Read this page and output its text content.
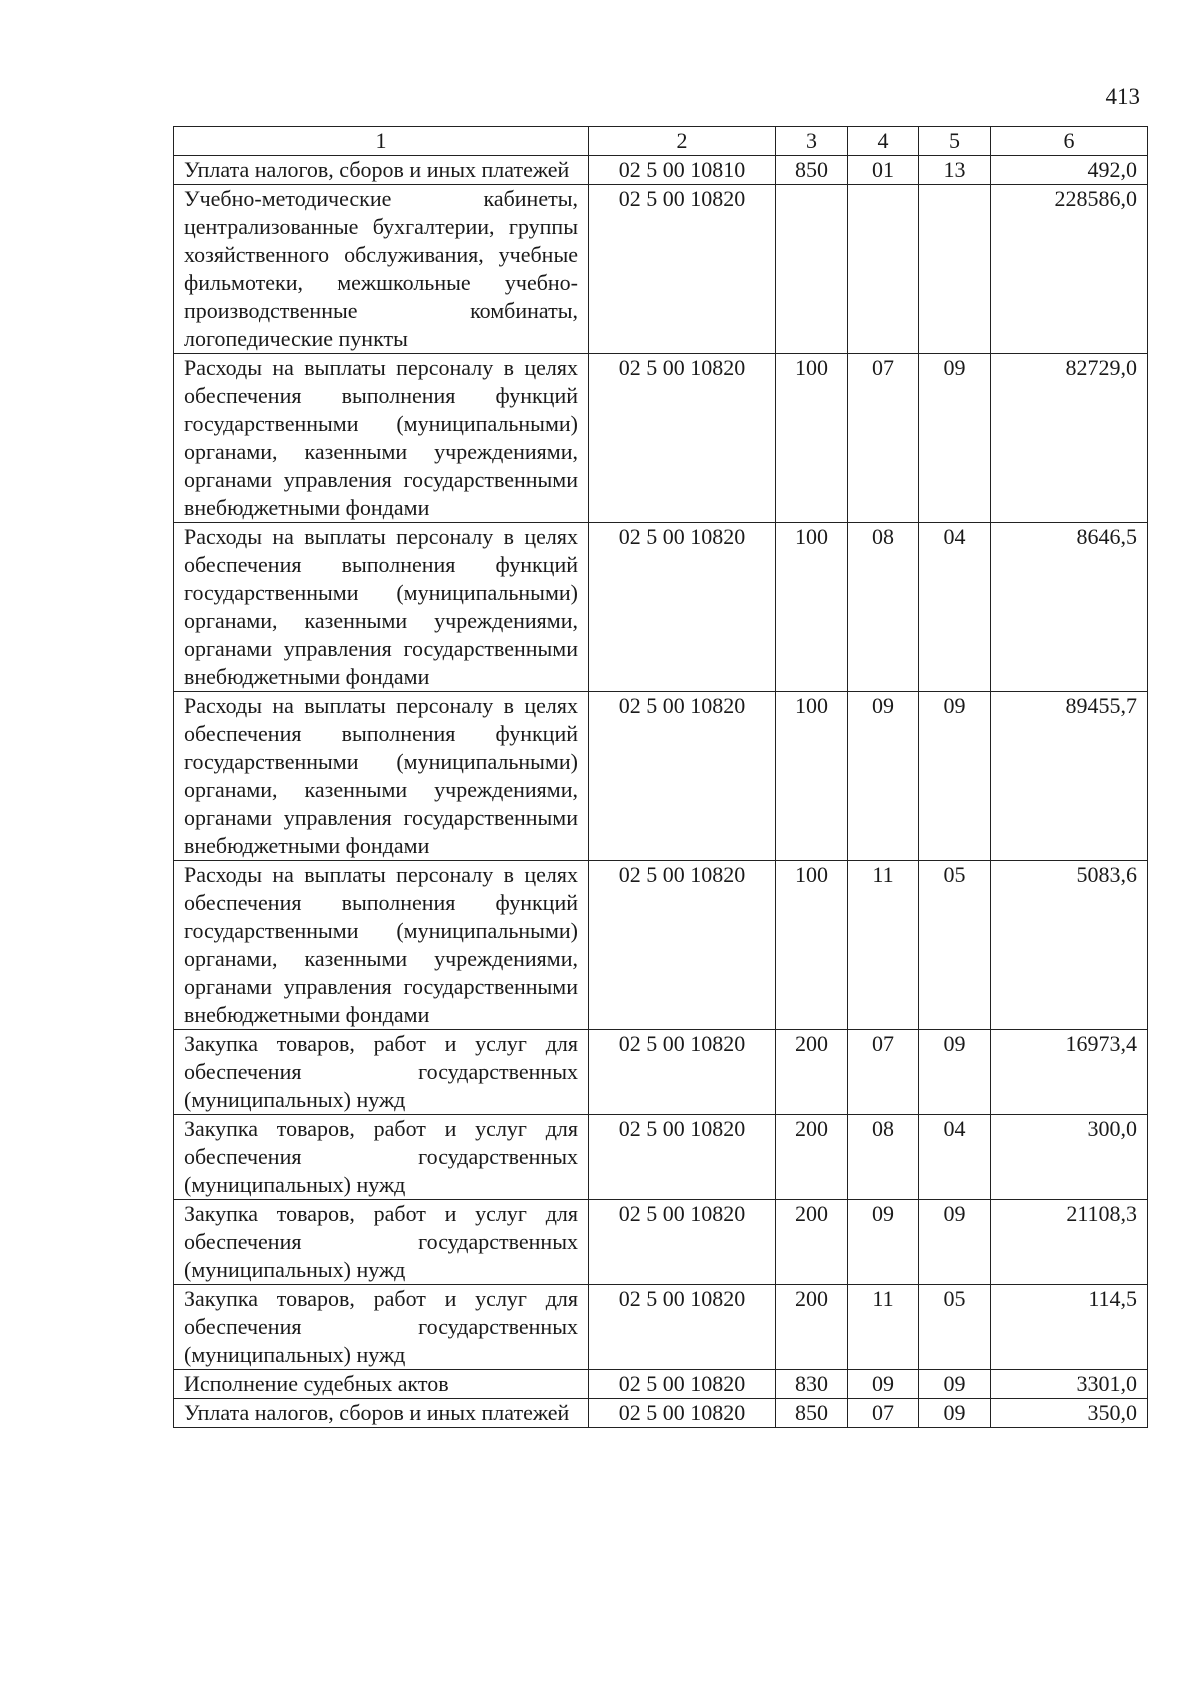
413
1	2	3	4	5	6
Уплата налогов, сборов и иных платежей	02 5 00 10810	850	01	13	492,0
Учебно-методические кабинеты, централизованные бухгалтерии, группы хозяйственного обслуживания, учебные фильмотеки, межшкольные учебно-производственные комбинаты, логопедические пункты	02 5 00 10820				228586,0
Расходы на выплаты персоналу в целях обеспечения выполнения функций государственными (муниципальными) органами, казенными учреждениями, органами управления государственными внебюджетными фондами	02 5 00 10820	100	07	09	82729,0
Расходы на выплаты персоналу в целях обеспечения выполнения функций государственными (муниципальными) органами, казенными учреждениями, органами управления государственными внебюджетными фондами	02 5 00 10820	100	08	04	8646,5
Расходы на выплаты персоналу в целях обеспечения выполнения функций государственными (муниципальными) органами, казенными учреждениями, органами управления государственными внебюджетными фондами	02 5 00 10820	100	09	09	89455,7
Расходы на выплаты персоналу в целях обеспечения выполнения функций государственными (муниципальными) органами, казенными учреждениями, органами управления государственными внебюджетными фондами	02 5 00 10820	100	11	05	5083,6
Закупка товаров, работ и услуг для обеспечения государственных (муниципальных) нужд	02 5 00 10820	200	07	09	16973,4
Закупка товаров, работ и услуг для обеспечения государственных (муниципальных) нужд	02 5 00 10820	200	08	04	300,0
Закупка товаров, работ и услуг для обеспечения государственных (муниципальных) нужд	02 5 00 10820	200	09	09	21108,3
Закупка товаров, работ и услуг для обеспечения государственных (муниципальных) нужд	02 5 00 10820	200	11	05	114,5
Исполнение судебных актов	02 5 00 10820	830	09	09	3301,0
Уплата налогов, сборов и иных платежей	02 5 00 10820	850	07	09	350,0
